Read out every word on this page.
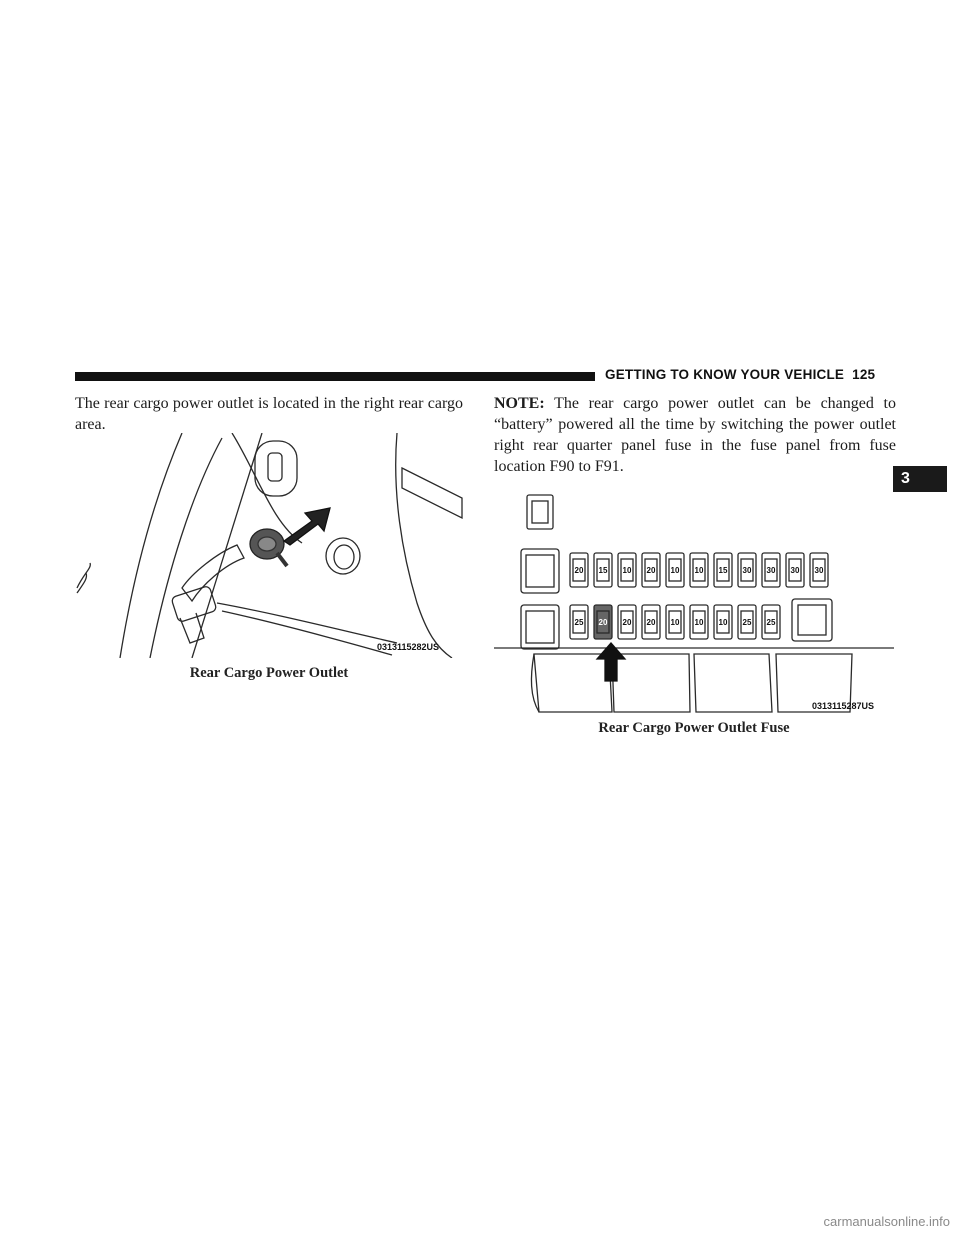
GETTING TO KNOW YOUR VEHICLE 125
3

The rear cargo power outlet is located in the right rear cargo area.

0313115282US
Rear Cargo Power Outlet

NOTE: The rear cargo power outlet can be changed to “battery” powered all the time by switching the power outlet right rear quarter panel fuse in the fuse panel from fuse location F90 to F91.

20 15 10 20 10 10 15 30 30 30 30
25 20 20 20 10 10 10 25 25
0313115287US
Rear Cargo Power Outlet Fuse
carmanualsonline.info
